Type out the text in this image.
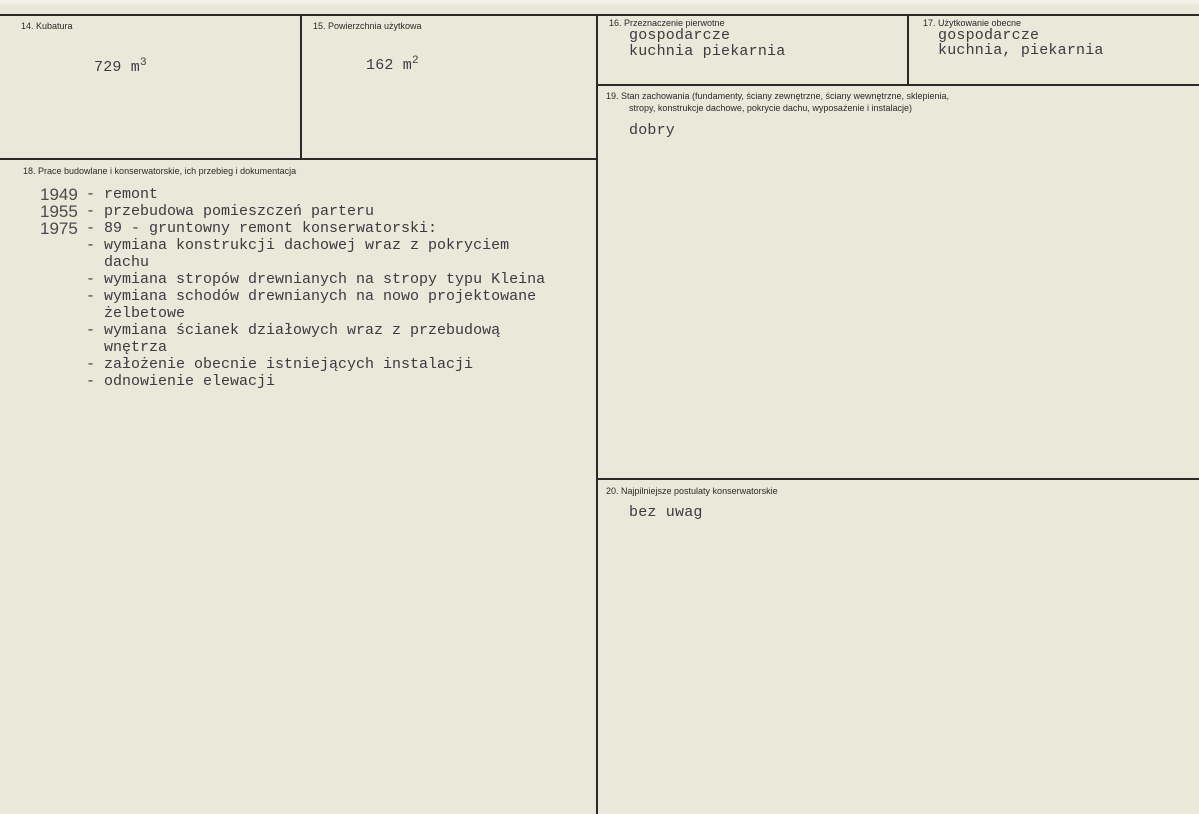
14. Kubatura
729 $m^3$
15. Powierzchnia użytkowa
162 $m^2$
16. Przeznaczenie pierwotne
gospodarcze
kuchnia piekarnia
17. Użytkowanie obecne
gospodarcze
kuchnia, piekarnia
19. Stan zachowania (fundamenty, ściany zewnętrzne, ściany wewnętrzne, sklepienia,
stropy, konstrukcje dachowe, pokrycie dachu, wyposażenie i instalacje)
dobry
18. Prace budowlane i konserwatorskie, ich przebieg i dokumentacja
1949 - remont
1955 - przebudowa pomieszczeń parteru
1975 - 89 - gruntowny remont konserwatorski:
- wymiana konstrukcji dachowej wraz z pokryciem
dachu
- wymiana stropów drewnianych na stropy typu Kleina
- wymiana schodów drewnianych na nowo projektowane
żelbetowe
- wymiana ścianek działowych wraz z przebudową
wnętrza
- założenie obecnie istniejących instalacji
- odnowienie elewacji
20. Najpilniejsze postulaty konserwatorskie
bez uwag
